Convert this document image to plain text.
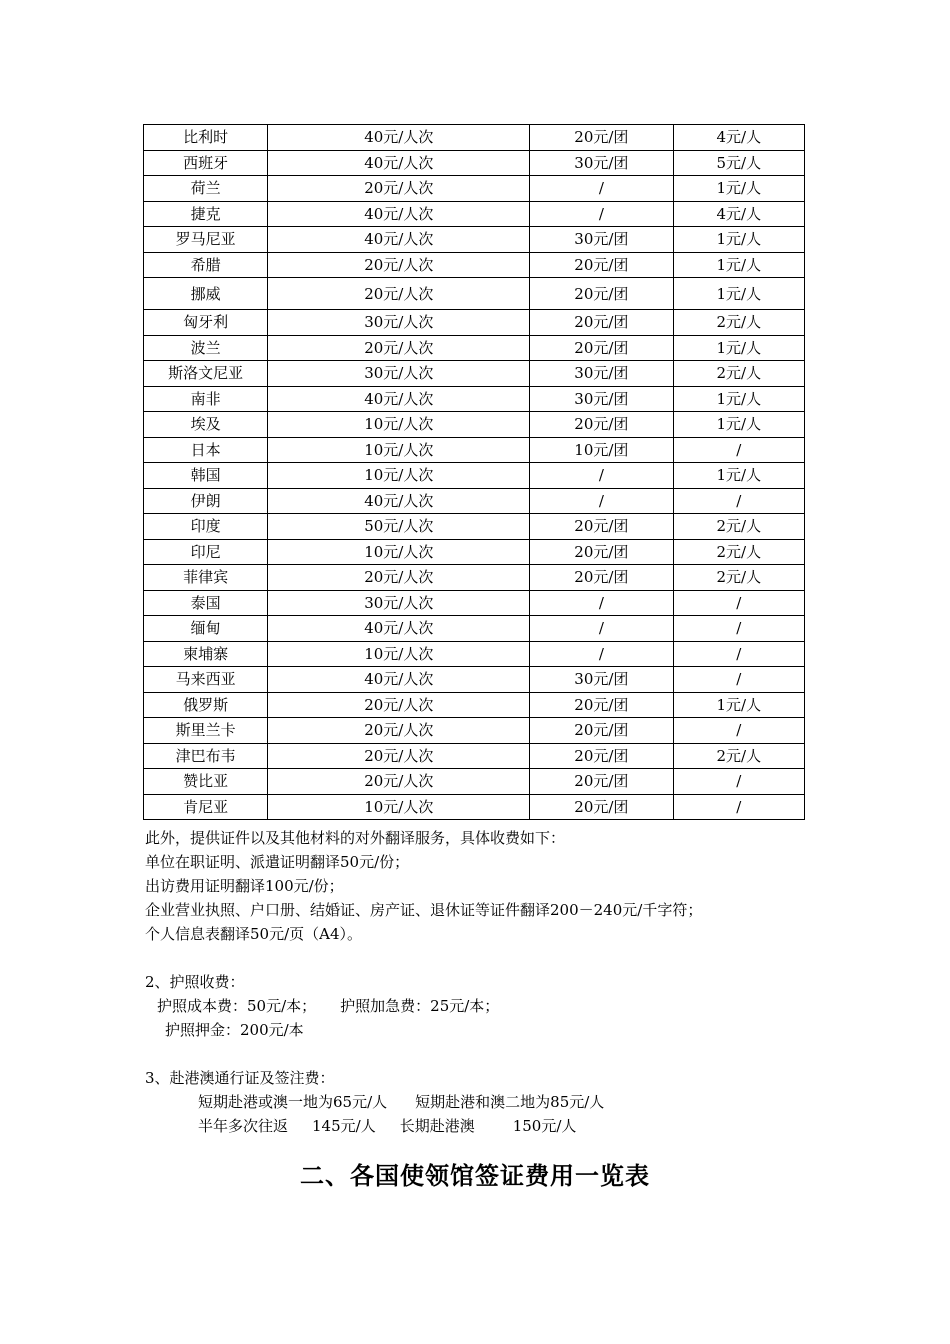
比利时	40元/人次	20元/团	4元/人
西班牙	40元/人次	30元/团	5元/人
荷兰	20元/人次	/	1元/人
捷克	40元/人次	/	4元/人
罗马尼亚	40元/人次	30元/团	1元/人
希腊	20元/人次	20元/团	1元/人
挪威	20元/人次	20元/团	1元/人
匈牙利	30元/人次	20元/团	2元/人
波兰	20元/人次	20元/团	1元/人
斯洛文尼亚	30元/人次	30元/团	2元/人
南非	40元/人次	30元/团	1元/人
埃及	10元/人次	20元/团	1元/人
日本	10元/人次	10元/团	/
韩国	10元/人次	/	1元/人
伊朗	40元/人次	/	/
印度	50元/人次	20元/团	2元/人
印尼	10元/人次	20元/团	2元/人
菲律宾	20元/人次	20元/团	2元/人
泰国	30元/人次	/	/
缅甸	40元/人次	/	/
柬埔寨	10元/人次	/	/
马来西亚	40元/人次	30元/团	/
俄罗斯	20元/人次	20元/团	1元/人
斯里兰卡	20元/人次	20元/团	/
津巴布韦	20元/人次	20元/团	2元/人
赞比亚	20元/人次	20元/团	/
肯尼亚	10元/人次	20元/团	/
此外，提供证件以及其他材料的对外翻译服务，具体收费如下：
单位在职证明、派遣证明翻译50元/份；
出访费用证明翻译100元/份；
企业营业执照、户口册、结婚证、房产证、退休证等证件翻译200－240元/千字符；
个人信息表翻译50元/页（A4）。
2、护照收费：
护照成本费：50元/本； 护照加急费：25元/本；
护照押金：200元/本
3、赴港澳通行证及签注费：
短期赴港或澳一地为65元/人 短期赴港和澳二地为85元/人
半年多次往返 145元/人 长期赴港澳	150元/人
二、各国使领馆签证费用一览表
